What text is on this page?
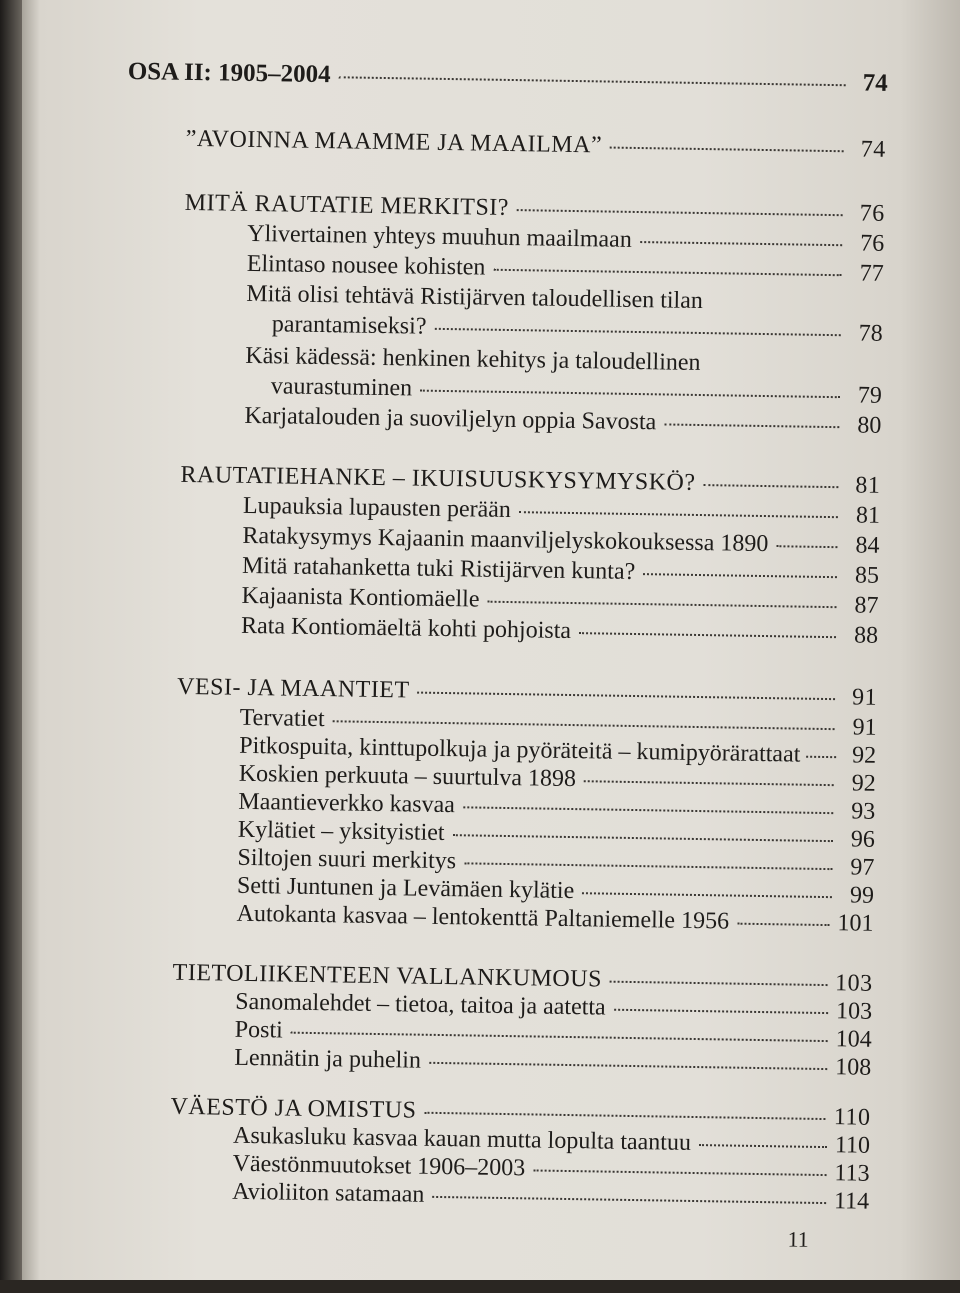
OSA II: 1905–2004	74
”AVOINNA MAAMME JA MAAILMA”	74
MITÄ RAUTATIE MERKITSI?	76
Ylivertainen yhteys muuhun maailmaan	76
Elintaso nousee kohisten	77
Mitä olisi tehtävä Ristijärven taloudellisen tilan
parantamiseksi?	78
Käsi kädessä: henkinen kehitys ja taloudellinen
vaurastuminen	79
Karjatalouden ja suoviljelyn oppia Savosta	80
RAUTATIEHANKE – IKUISUUSKYSYMYSKÖ?	81
Lupauksia lupausten perään	81
Ratakysymys Kajaanin maanviljelyskokouksessa 1890	84
Mitä ratahanketta tuki Ristijärven kunta?	85
Kajaanista Kontiomäelle	87
Rata Kontiomäeltä kohti pohjoista	88
VESI- JA MAANTIET	91
Tervatiet	91
Pitkospuita, kinttupolkuja ja pyöräteitä – kumipyörärattaat	92
Koskien perkuuta – suurtulva 1898	92
Maantieverkko kasvaa	93
Kylätiet – yksityistiet	96
Siltojen suuri merkitys	97
Setti Juntunen ja Levämäen kylätie	99
Autokanta kasvaa – lentokenttä Paltaniemelle 1956	101
TIETOLIIKENTEEN VALLANKUMOUS	103
Sanomalehdet – tietoa, taitoa ja aatetta	103
Posti	104
Lennätin ja puhelin	108
VÄESTÖ JA OMISTUS	110
Asukasluku kasvaa kauan mutta lopulta taantuu	110
Väestönmuutokset 1906–2003	113
Avioliiton satamaan	114
11
